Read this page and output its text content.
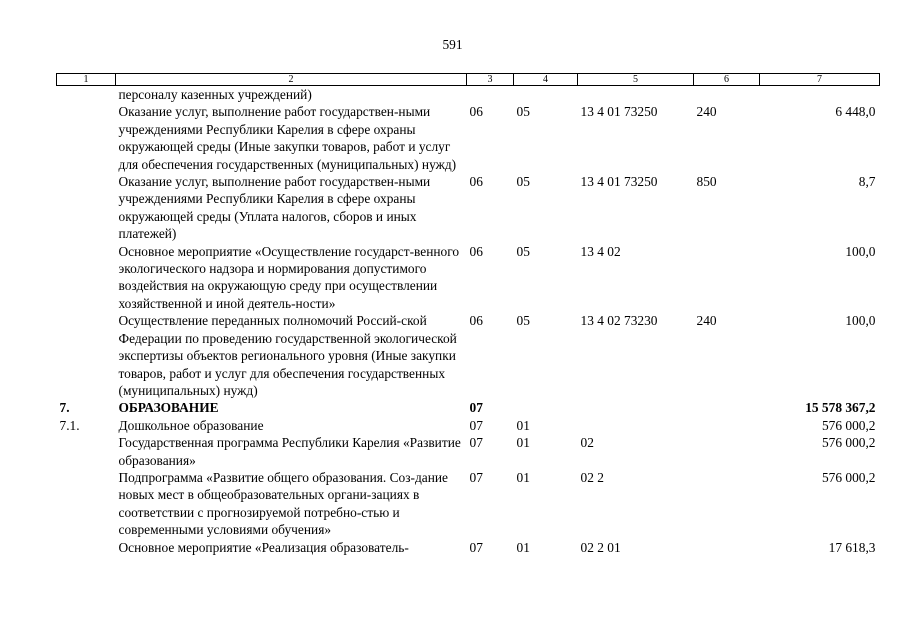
591
1	2	3	4	5	6	7
	персоналу казенных учреждений)					
	Оказание услуг, выполнение работ государствен-ными учреждениями Республики Карелия в сфере охраны окружающей среды (Иные закупки товаров, работ и услуг для обеспечения государственных (муниципальных) нужд)	06	05	13 4 01 73250	240	6 448,0
	Оказание услуг, выполнение работ государствен-ными учреждениями Республики Карелия в сфере охраны окружающей среды (Уплата налогов, сборов и иных платежей)	06	05	13 4 01 73250	850	8,7
	Основное мероприятие «Осуществление государст-венного экологического надзора и нормирования допустимого воздействия на окружающую среду при осуществлении хозяйственной и иной деятель-ности»	06	05	13 4 02		100,0
	Осуществление переданных полномочий Россий-ской Федерации по проведению государственной экологической экспертизы объектов регионального уровня (Иные закупки товаров, работ и услуг для обеспечения государственных (муниципальных) нужд)	06	05	13 4 02 73230	240	100,0
7.	ОБРАЗОВАНИЕ	07				15 578 367,2
7.1.	Дошкольное образование	07	01			576 000,2
	Государственная программа Республики Карелия «Развитие образования»	07	01	02		576 000,2
	Подпрограмма «Развитие общего образования. Соз-дание новых мест в общеобразовательных органи-зациях в соответствии с прогнозируемой потребно-стью и современными условиями обучения»	07	01	02 2		576 000,2
	Основное мероприятие «Реализация образователь-	07	01	02 2 01		17 618,3
